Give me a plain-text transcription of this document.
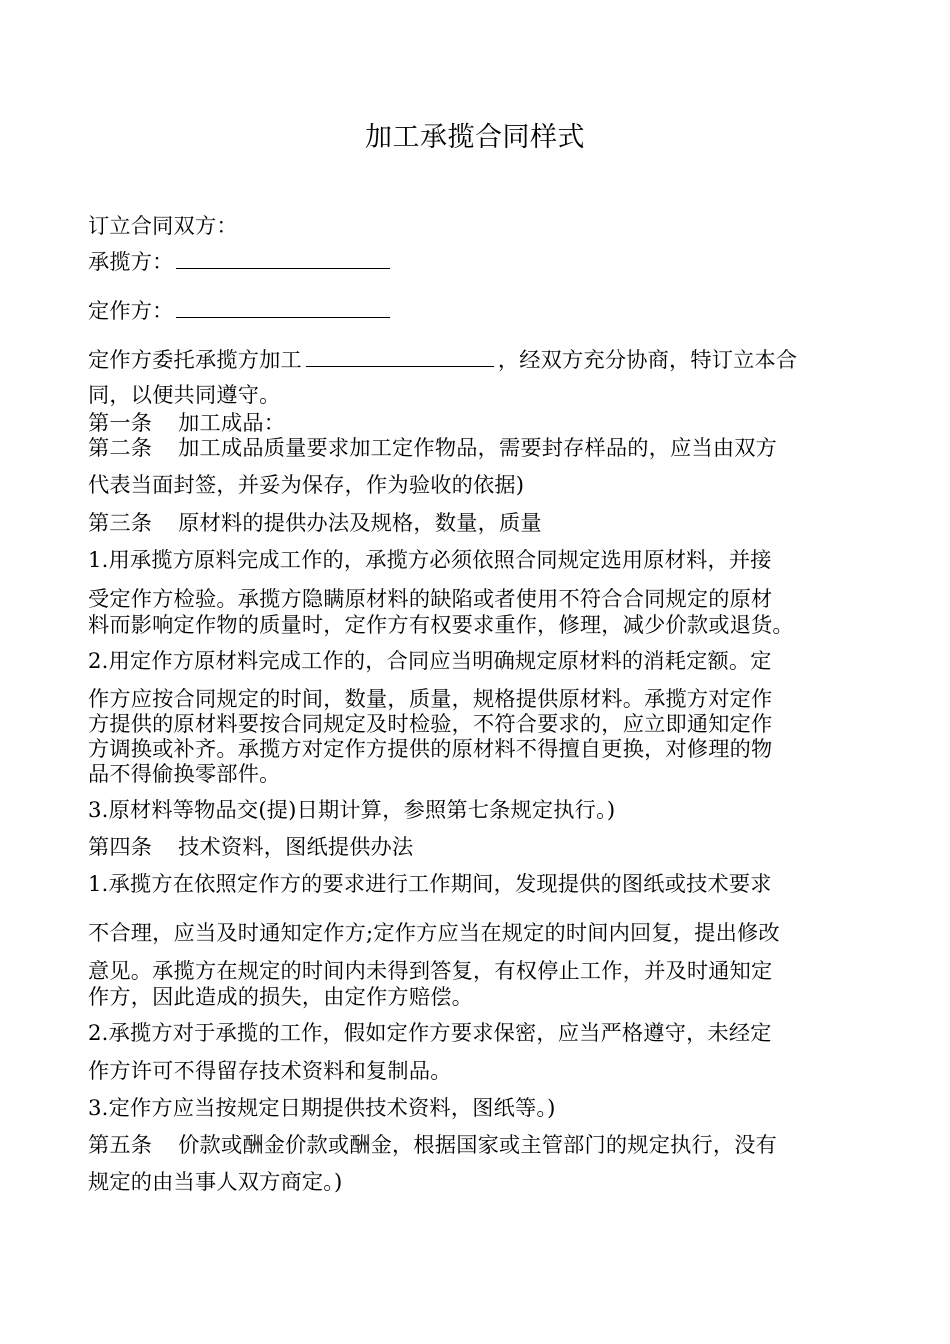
加工承揽合同样式
订立合同双方：
承揽方：
定作方：
定作方委托承揽方加工	，经双方充分协商，特订立本合
同，以便共同遵守。
第一条 加工成品：
第二条 加工成品质量要求加工定作物品，需要封存样品的，应当由双方
代表当面封签，并妥为保存，作为验收的依据)
第三条 原材料的提供办法及规格，数量，质量
1.用承揽方原料完成工作的，承揽方必须依照合同规定选用原材料，并接
受定作方检验。承揽方隐瞒原材料的缺陷或者使用不符合合同规定的原材
料而影响定作物的质量时，定作方有权要求重作，修理，减少价款或退货。
2.用定作方原材料完成工作的，合同应当明确规定原材料的消耗定额。定
作方应按合同规定的时间，数量，质量，规格提供原材料。承揽方对定作
方提供的原材料要按合同规定及时检验，不符合要求的，应立即通知定作
方调换或补齐。承揽方对定作方提供的原材料不得擅自更换，对修理的物
品不得偷换零部件。
3.原材料等物品交(提)日期计算，参照第七条规定执行。)
第四条 技术资料，图纸提供办法
1.承揽方在依照定作方的要求进行工作期间，发现提供的图纸或技术要求
不合理，应当及时通知定作方;定作方应当在规定的时间内回复，提出修改
意见。承揽方在规定的时间内未得到答复，有权停止工作，并及时通知定
作方，因此造成的损失，由定作方赔偿。
2.承揽方对于承揽的工作，假如定作方要求保密，应当严格遵守，未经定
作方许可不得留存技术资料和复制品。
3.定作方应当按规定日期提供技术资料，图纸等。)
第五条 价款或酬金价款或酬金，根据国家或主管部门的规定执行，没有
规定的由当事人双方商定。)
